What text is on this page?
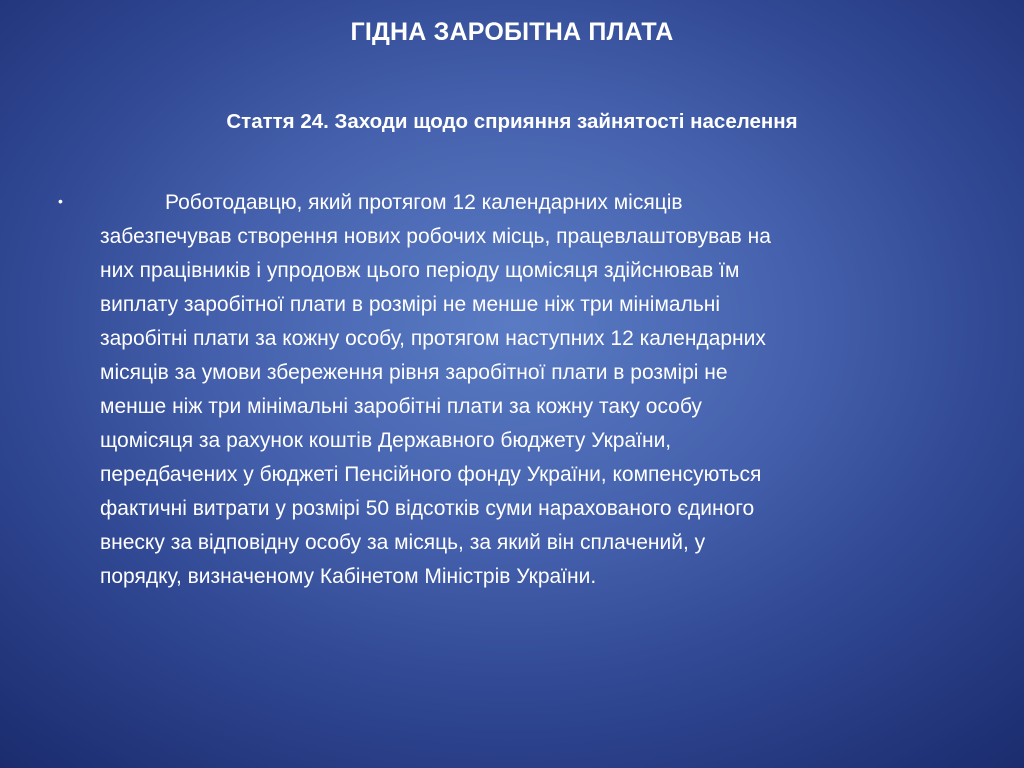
ГІДНА ЗАРОБІТНА ПЛАТА
Стаття 24. Заходи щодо сприяння зайнятості населення
•	Роботодавцю, який протягом 12 календарних місяців
забезпечував створення нових робочих місць, працевлаштовував на
них працівників і упродовж цього періоду щомісяця здійснював їм
виплату заробітної плати в розмірі не менше ніж три мінімальні
заробітні плати за кожну особу, протягом наступних 12 календарних
місяців за умови збереження рівня заробітної плати в розмірі не
менше ніж три мінімальні заробітні плати за кожну таку особу
щомісяця за рахунок коштів Державного бюджету України,
передбачених у бюджеті Пенсійного фонду України, компенсуються
фактичні витрати у розмірі 50 відсотків суми нарахованого єдиного
внеску за відповідну особу за місяць, за який він сплачений, у
порядку, визначеному Кабінетом Міністрів України.
